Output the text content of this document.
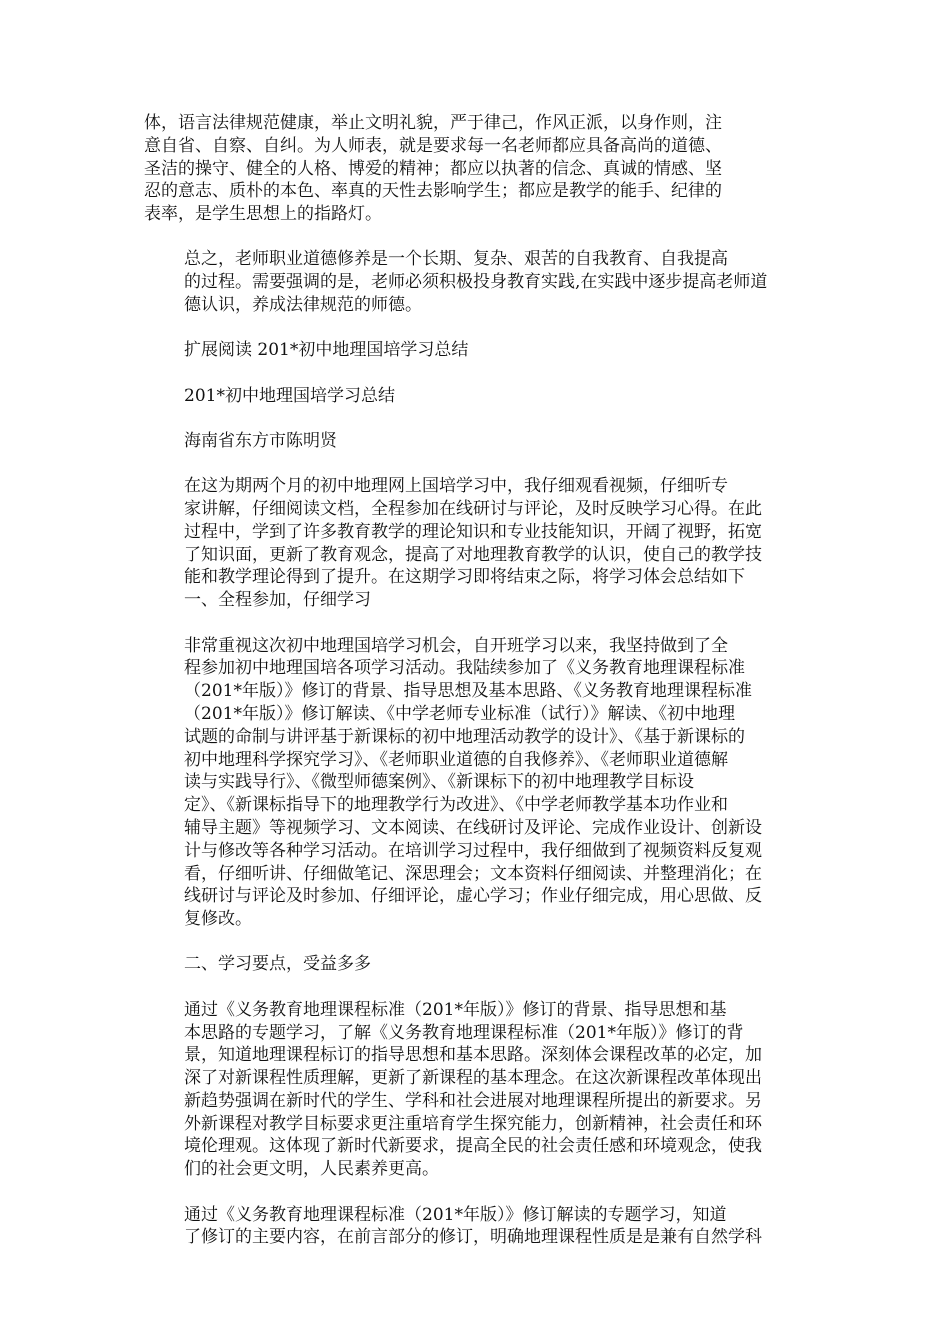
体，语言法律规范健康，举止文明礼貌，严于律己，作风正派，以身作则，注
意自省、自察、自纠。为人师表，就是要求每一名老师都应具备高尚的道德、
圣洁的操守、健全的人格、博爱的精神；都应以执著的信念、真诚的情感、坚
忍的意志、质朴的本色、率真的天性去影响学生；都应是教学的能手、纪律的
表率，是学生思想上的指路灯。
总之，老师职业道德修养是一个长期、复杂、艰苦的自我教育、自我提高
的过程。需要强调的是，老师必须积极投身教育实践,在实践中逐步提高老师道
德认识，养成法律规范的师德。
扩展阅读 201*初中地理国培学习总结
201*初中地理国培学习总结
海南省东方市陈明贤
在这为期两个月的初中地理网上国培学习中，我仔细观看视频，仔细听专
家讲解，仔细阅读文档，全程参加在线研讨与评论，及时反映学习心得。在此
过程中，学到了许多教育教学的理论知识和专业技能知识，开阔了视野，拓宽
了知识面，更新了教育观念，提高了对地理教育教学的认识，使自己的教学技
能和教学理论得到了提升。在这期学习即将结束之际，将学习体会总结如下
一、全程参加，仔细学习
非常重视这次初中地理国培学习机会，自开班学习以来，我坚持做到了全
程参加初中地理国培各项学习活动。我陆续参加了《义务教育地理课程标准
（201*年版）》修订的背景、指导思想及基本思路、《义务教育地理课程标准
（201*年版）》修订解读、《中学老师专业标准（试行）》解读、《初中地理
试题的命制与讲评基于新课标的初中地理活动教学的设计》、《基于新课标的
初中地理科学探究学习》、《老师职业道德的自我修养》、《老师职业道德解
读与实践导行》、《微型师德案例》、《新课标下的初中地理教学目标设
定》、《新课标指导下的地理教学行为改进》、《中学老师教学基本功作业和
辅导主题》等视频学习、文本阅读、在线研讨及评论、完成作业设计、创新设
计与修改等各种学习活动。在培训学习过程中，我仔细做到了视频资料反复观
看，仔细听讲、仔细做笔记、深思理会；文本资料仔细阅读、并整理消化；在
线研讨与评论及时参加、仔细评论，虚心学习；作业仔细完成，用心思做、反
复修改。
二、学习要点，受益多多
通过《义务教育地理课程标准（201*年版）》修订的背景、指导思想和基
本思路的专题学习，了解《义务教育地理课程标准（201*年版）》修订的背
景，知道地理课程标订的指导思想和基本思路。深刻体会课程改革的必定，加
深了对新课程性质理解，更新了新课程的基本理念。在这次新课程改革体现出
新趋势强调在新时代的学生、学科和社会进展对地理课程所提出的新要求。另
外新课程对教学目标要求更注重培育学生探究能力，创新精神，社会责任和环
境伦理观。这体现了新时代新要求，提高全民的社会责任感和环境观念，使我
们的社会更文明，人民素养更高。
通过《义务教育地理课程标准（201*年版）》修订解读的专题学习，知道
了修订的主要内容，在前言部分的修订，明确地理课程性质是是兼有自然学科
